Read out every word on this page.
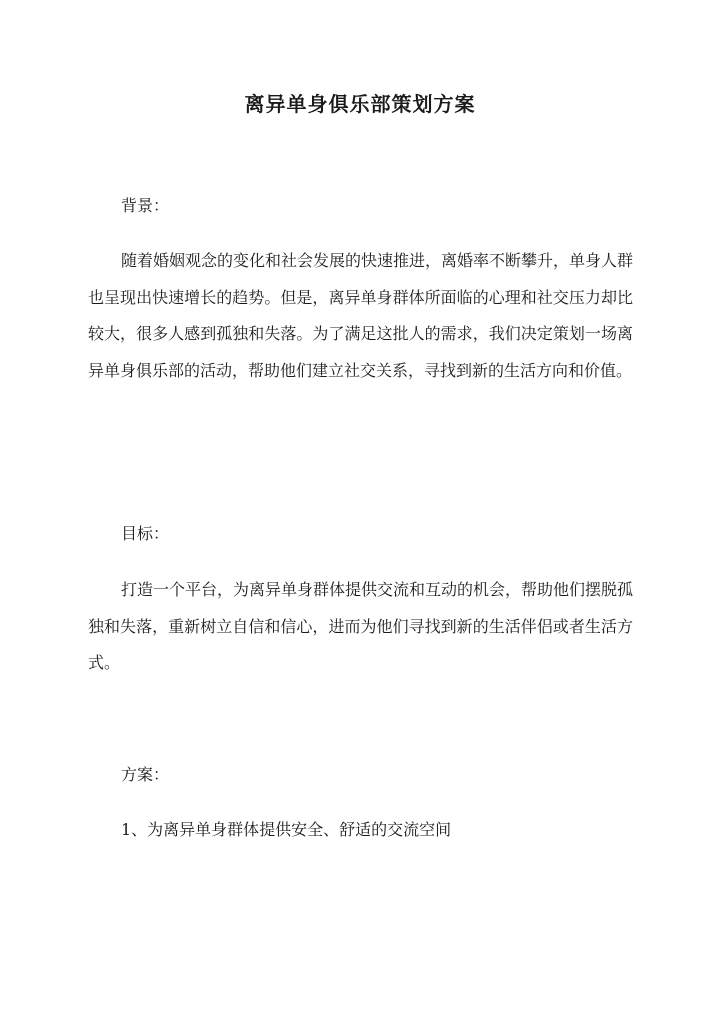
离异单身俱乐部策划方案
背景：

随着婚姻观念的变化和社会发展的快速推进，离婚率不断攀升，单身人群也呈现出快速增长的趋势。但是，离异单身群体所面临的心理和社交压力却比较大，很多人感到孤独和失落。为了满足这批人的需求，我们决定策划一场离异单身俱乐部的活动，帮助他们建立社交关系，寻找到新的生活方向和价值。

目标：

打造一个平台，为离异单身群体提供交流和互动的机会，帮助他们摆脱孤独和失落，重新树立自信和信心，进而为他们寻找到新的生活伴侣或者生活方式。

方案：
1、为离异单身群体提供安全、舒适的交流空间
